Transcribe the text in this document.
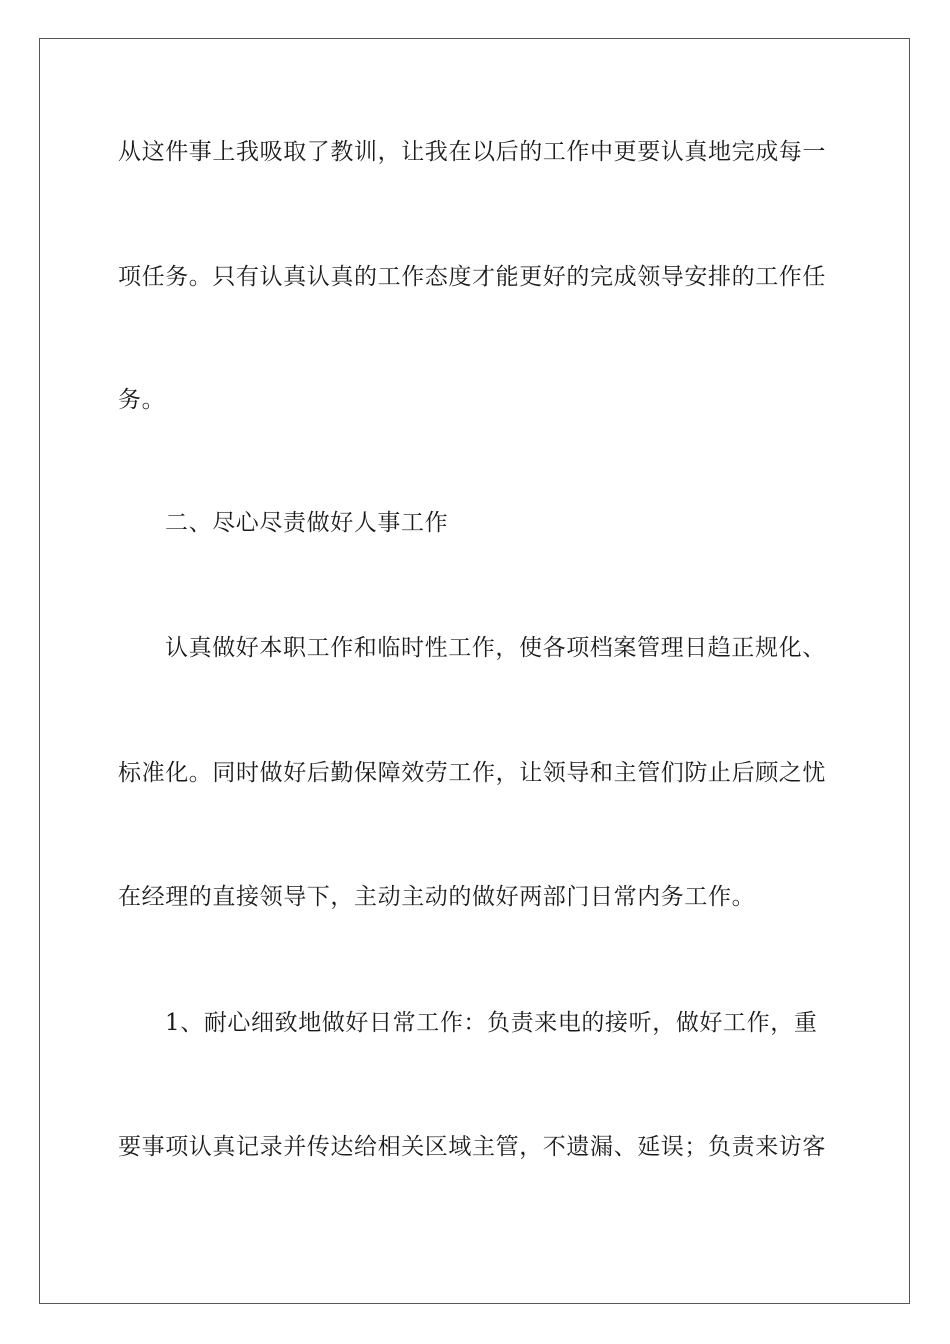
从这件事上我吸取了教训，让我在以后的工作中更要认真地完成每一
项任务。只有认真认真的工作态度才能更好的完成领导安排的工作任
务。
二、尽心尽责做好人事工作
认真做好本职工作和临时性工作，使各项档案管理日趋正规化、
标准化。同时做好后勤保障效劳工作，让领导和主管们防止后顾之忧
在经理的直接领导下，主动主动的做好两部门日常内务工作。
1、耐心细致地做好日常工作：负责来电的接听，做好工作，重
要事项认真记录并传达给相关区域主管，不遗漏、延误；负责来访客
